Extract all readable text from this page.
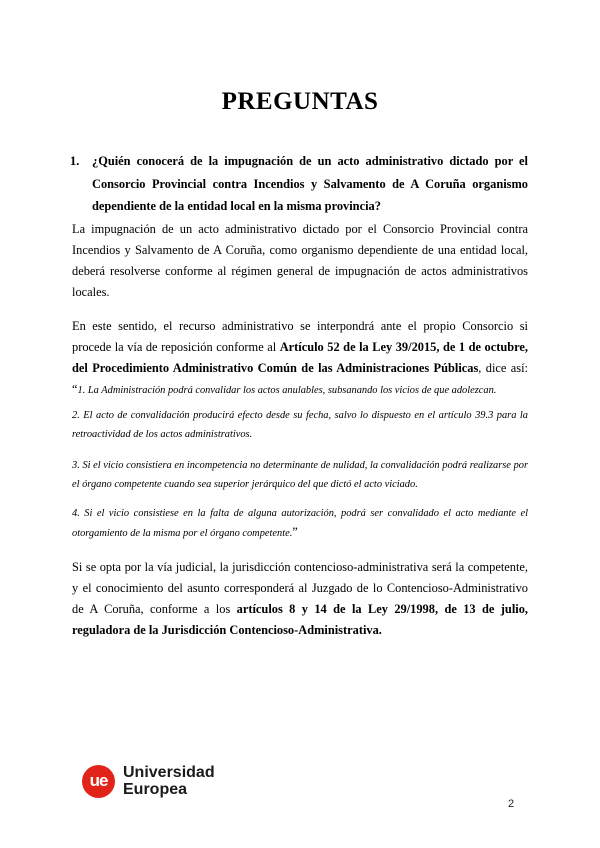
PREGUNTAS
1. ¿Quién conocerá de la impugnación de un acto administrativo dictado por el Consorcio Provincial contra Incendios y Salvamento de A Coruña organismo dependiente de la entidad local en la misma provincia?

La impugnación de un acto administrativo dictado por el Consorcio Provincial contra Incendios y Salvamento de A Coruña, como organismo dependiente de una entidad local, deberá resolverse conforme al régimen general de impugnación de actos administrativos locales.

En este sentido, el recurso administrativo se interpondrá ante el propio Consorcio si procede la vía de reposición conforme al Artículo 52 de la Ley 39/2015, de 1 de octubre, del Procedimiento Administrativo Común de las Administraciones Públicas, dice así: “1. La Administración podrá convalidar los actos anulables, subsanando los vicios de que adolezcan.

2. El acto de convalidación producirá efecto desde su fecha, salvo lo dispuesto en el artículo 39.3 para la retroactividad de los actos administrativos.

3. Si el vicio consistiera en incompetencia no determinante de nulidad, la convalidación podrá realizarse por el órgano competente cuando sea superior jerárquico del que dictó el acto viciado.

4. Si el vicio consistiese en la falta de alguna autorización, podrá ser convalidado el acto mediante el otorgamiento de la misma por el órgano competente.”

Si se opta por la vía judicial, la jurisdicción contencioso-administrativa será la competente, y el conocimiento del asunto corresponderá al Juzgado de lo Contencioso-Administrativo de A Coruña, conforme a los artículos 8 y 14 de la Ley 29/1998, de 13 de julio, reguladora de la Jurisdicción Contencioso-Administrativa.

ue Universidad
Europea
2
